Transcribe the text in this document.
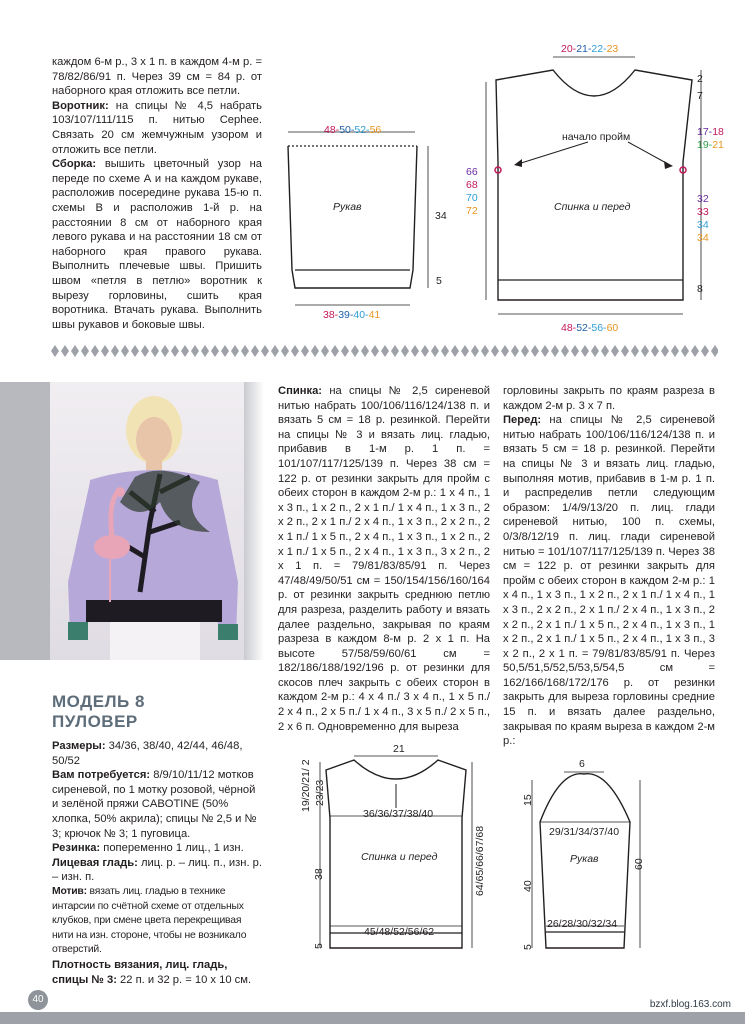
каждом 6-м р., 3 х 1 п. в каждом 4-м р. = 78/82/86/91 п. Через 39 см = 84 р. от наборного края отложить все петли.

Воротник: на спицы № 4,5 набрать 103/107/111/115 п. нитью Cephee. Связать 20 см жемчужным узором и отложить все петли.

Сборка: вышить цветочный узор на переде по схеме А и на каждом рукаве, расположив посередине рукава 15-ю п. схемы В и расположив 1-й р. на расстоянии 8 см от наборного края левого рукава и на расстоянии 18 см от наборного края правого рукава. Выполнить плечевые швы. Пришить швом «петля в петлю» воротник к вырезу горловины, сшить края воротника. Втачать рукава. Выполнить швы рукавов и боковые швы.

48-50-52-56
Рукав
34
5
38-39-40-41
20-21-22-23
начало пройм
Спинка и перед
66
68
70
72
2
7
17-18
19-21
32
33
34
34
8
48-52-56-60
МОДЕЛЬ 8
ПУЛОВЕР

Размеры: 34/36, 38/40, 42/44, 46/48, 50/52

Вам потребуется: 8/9/10/11/12 мотков сиреневой, по 1 мотку розовой, чёрной и зелёной пряжи CABOTINE (50% хлопка, 50% акрила); спицы № 2,5 и № 3; крючок № 3; 1 пуговица.

Резинка: попеременно 1 лиц., 1 изн.

Лицевая гладь: лиц. р. – лиц. п., изн. р. – изн. п.

Мотив: вязать лиц. гладью в технике интарсии по счётной схеме от отдельных клубков, при смене цвета перекрещивая нити на изн. стороне, чтобы не возникало отверстий.

Плотность вязания, лиц. гладь, спицы № 3: 22 п. и 32 р. = 10 х 10 см.

Спинка: на спицы № 2,5 сиреневой нитью набрать 100/106/116/124/138 п. и вязать 5 см = 18 р. резинкой. Перейти на спицы № 3 и вязать лиц. гладью, прибавив в 1-м р. 1 п. = 101/107/117/125/139 п. Через 38 см = 122 р. от резинки закрыть для пройм с обеих сторон в каждом 2-м р.: 1 х 4 п., 1 х 3 п., 1 х 2 п., 2 х 1 п./ 1 х 4 п., 1 х 3 п., 2 х 2 п., 2 х 1 п./ 2 х 4 п., 1 х 3 п., 2 х 2 п., 2 х 1 п./ 1 х 5 п., 2 х 4 п., 1 х 3 п., 1 х 2 п., 2 х 1 п./ 1 х 5 п., 2 х 4 п., 1 х 3 п., 3 х 2 п., 2 х 1 п. = 79/81/83/85/91 п. Через 47/48/49/50/51 см = 150/154/156/160/164 р. от резинки закрыть среднюю петлю для разреза, разделить работу и вязать далее раздельно, закрывая по краям разреза в каждом 8-м р. 2 х 1 п. На высоте 57/58/59/60/61 см = 182/186/188/192/196 р. от резинки для скосов плеч закрыть с обеих сторон в каждом 2-м р.: 4 х 4 п./ 3 х 4 п., 1 х 5 п./ 2 х 4 п., 2 х 5 п./ 1 х 4 п., 3 х 5 п./ 2 х 5 п., 2 х 6 п. Одновременно для выреза

горловины закрыть по краям разреза в каждом 2-м р. 3 х 7 п.

Перед: на спицы № 2,5 сиреневой нитью набрать 100/106/116/124/138 п. и вязать 5 см = 18 р. резинкой. Перейти на спицы № 3 и вязать лиц. гладью, выполняя мотив, прибавив в 1-м р. 1 п. и распределив петли следующим образом: 1/4/9/13/20 п. лиц. глади сиреневой нитью, 100 п. схемы, 0/3/8/12/19 п. лиц. глади сиреневой нитью = 101/107/117/125/139 п. Через 38 см = 122 р. от резинки закрыть для пройм с обеих сторон в каждом 2-м р.: 1 х 4 п., 1 х 3 п., 1 х 2 п., 2 х 1 п./ 1 х 4 п., 1 х 3 п., 2 х 2 п., 2 х 1 п./ 2 х 4 п., 1 х 3 п., 2 х 2 п., 2 х 1 п./ 1 х 5 п., 2 х 4 п., 1 х 3 п., 1 х 2 п., 2 х 1 п./ 1 х 5 п., 2 х 4 п., 1 х 3 п., 3 х 2 п., 2 х 1 п. = 79/81/83/85/91 п. Через 50,5/51,5/52,5/53,5/54,5 см = 162/166/168/172/176 р. от резинки закрыть для выреза горловины средние 15 п. и вязать далее раздельно, закрывая по краям выреза в каждом 2-м р.:

21
19/20/21/ 2 23/23
36/36/37/38/40
Спинка и перед
38	64/65/66/67/68
45/48/52/56/62
5
6
15
29/31/34/37/40
Рукав
40
60
26/28/30/32/34
5
40	bzxf.blog.163.com
